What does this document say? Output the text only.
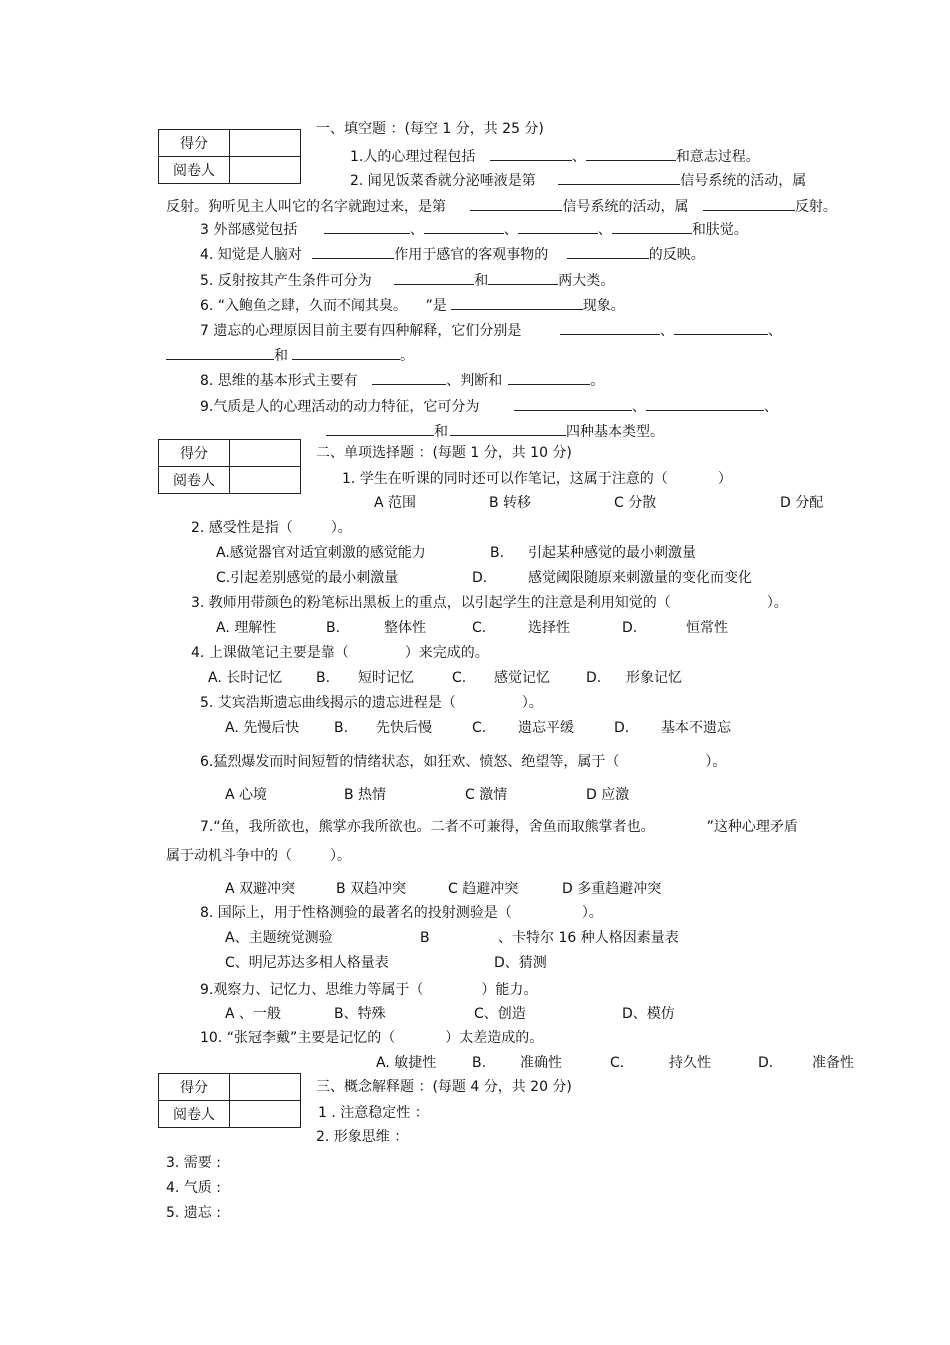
得分	
阅卷人	
得分	
阅卷人	
得分	
阅卷人	
一、填空题 ：(每空 1 分，共 25 分)
1.人的心理过程包括	、	和意志过程。
2. 闻见饭菜香就分泌唾液是第	信号系统的活动，属
反射。狗听见主人叫它的名字就跑过来，是第	信号系统的活动，属	反射。
3 外部感觉包括	、	、	、	和肤觉。
4. 知觉是人脑对	作用于感官的客观事物的	的反映。
5. 反射按其产生条件可分为	和	两大类。
6. “入鲍鱼之肆，久而不闻其臭。 ”是	现象。
7 遗忘的心理原因目前主要有四种解释，它们分别是	、	、
和	。
8. 思维的基本形式主要有	、判断和	。
9.气质是人的心理活动的动力特征，它可分为	、	、
和	四种基本类型。
二、单项选择题 ：(每题 1 分，共 10 分)
1. 学生在听课的同时还可以作笔记，这属于注意的（	）
A 范围	B 转移	C 分散	D 分配
2. 感受性是指（	）。
A.感觉器官对适宜刺激的感觉能力	B. 引起某种感觉的最小刺激量
C.引起差别感觉的最小刺激量	D.	感觉阈限随原来刺激量的变化而变化
3. 教师用带颜色的粉笔标出黑板上的重点，以引起学生的注意是利用知觉的（	）。
A. 理解性	B.	整体性	C.	选择性	D.	恒常性
4. 上课做笔记主要是靠（	）来完成的。
A. 长时记忆 B. 短时记忆	C. 感觉记忆	D. 形象记忆
5. 艾宾浩斯遗忘曲线揭示的遗忘进程是（	）。
A. 先慢后快 B. 先快后慢	C. 遗忘平缓	D. 基本不遗忘
6.猛烈爆发而时间短暂的情绪状态，如狂欢、愤怒、绝望等，属于（	）。
A 心境	B 热情	C 激情	D 应激
7.“鱼，我所欲也，熊掌亦我所欲也。二者不可兼得，舍鱼而取熊掌者也。	”这种心理矛盾
属于动机斗争中的（	）。
A 双避冲突	B 双趋冲突	C 趋避冲突	D 多重趋避冲突
8. 国际上，用于性格测验的最著名的投射测验是（	）。
A、主题统觉测验	B	、卡特尔 16 种人格因素量表
C、明尼苏达多相人格量表	D、猜测
9.观察力、记忆力、思维力等属于（	）能力。
A 、一般	B、特殊	C、创造	D、模仿
10. “张冠李戴”主要是记忆的（	）太差造成的。
A. 敏捷性	B. 准确性	C.	持久性	D.	准备性
三、概念解释题 ：(每题 4 分，共 20 分)
1 . 注意稳定性 ：
2. 形象思维 ：
3. 需要 :
4. 气质 :
5. 遗忘 :
